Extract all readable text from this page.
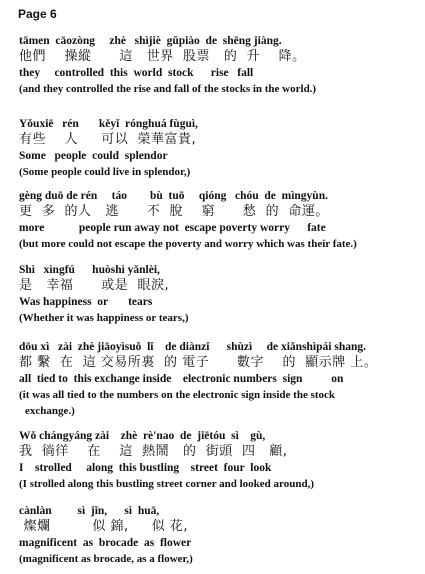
Page 6
tāmen  cāozòng     zhè   shìjiè  gǔpiào  de  shēng jiàng.
他們    操縱      這   世界  股票   的  升    降。
they     controlled  this  world  stock      rise   fall
(and they controlled the rise and fall of the stocks in the world.)
Yǒuxiē   rén       kěyǐ  rónghuá fùguì,
有些    人     可以  榮華富貴,
Some   people  could  splendor
(Some people could live in splendor,)
gèng duō de rén     táo        bù  tuō     qióng   chóu  de  mìngyùn.
更  多  的人   逃      不  脫    窮      愁  的  命運。
more            people run away not  escape poverty worry      fate
(but more could not escape the poverty and worry which was their fate.)
Shì   xìngfú      huòshì yǎnlèi,
是   幸福      或是  眼淚,
Was happiness  or       tears
(Whether it was happiness or tears,)
dōu xì   zài  zhè jiāoyìsuǒ  lǐ    de diànzǐ      shùzì     de xiǎnshìpái shang.
都 繫  在  這 交易所裏  的 電子      數字    的  顯示牌 上。
all  tied to  this exchange inside    electronic numbers  sign          on
(it was all tied to the numbers on the electronic sign inside the stock
exchange.)
Wǒ chángyáng zài    zhè  rè'nao  de  jiētóu  sì    gù,
我  徜徉    在    這  熱鬧   的  街頭  四   顧,
I    strolled     along  this bustling    street  four  look
(I strolled along this bustling street corner and looked around,)
cànlàn         sì  jǐn,      sì  huā,
燦爛         似 錦,     似 花,
magnificent  as  brocade  as  flower
(magnificent as brocade, as a flower,)
